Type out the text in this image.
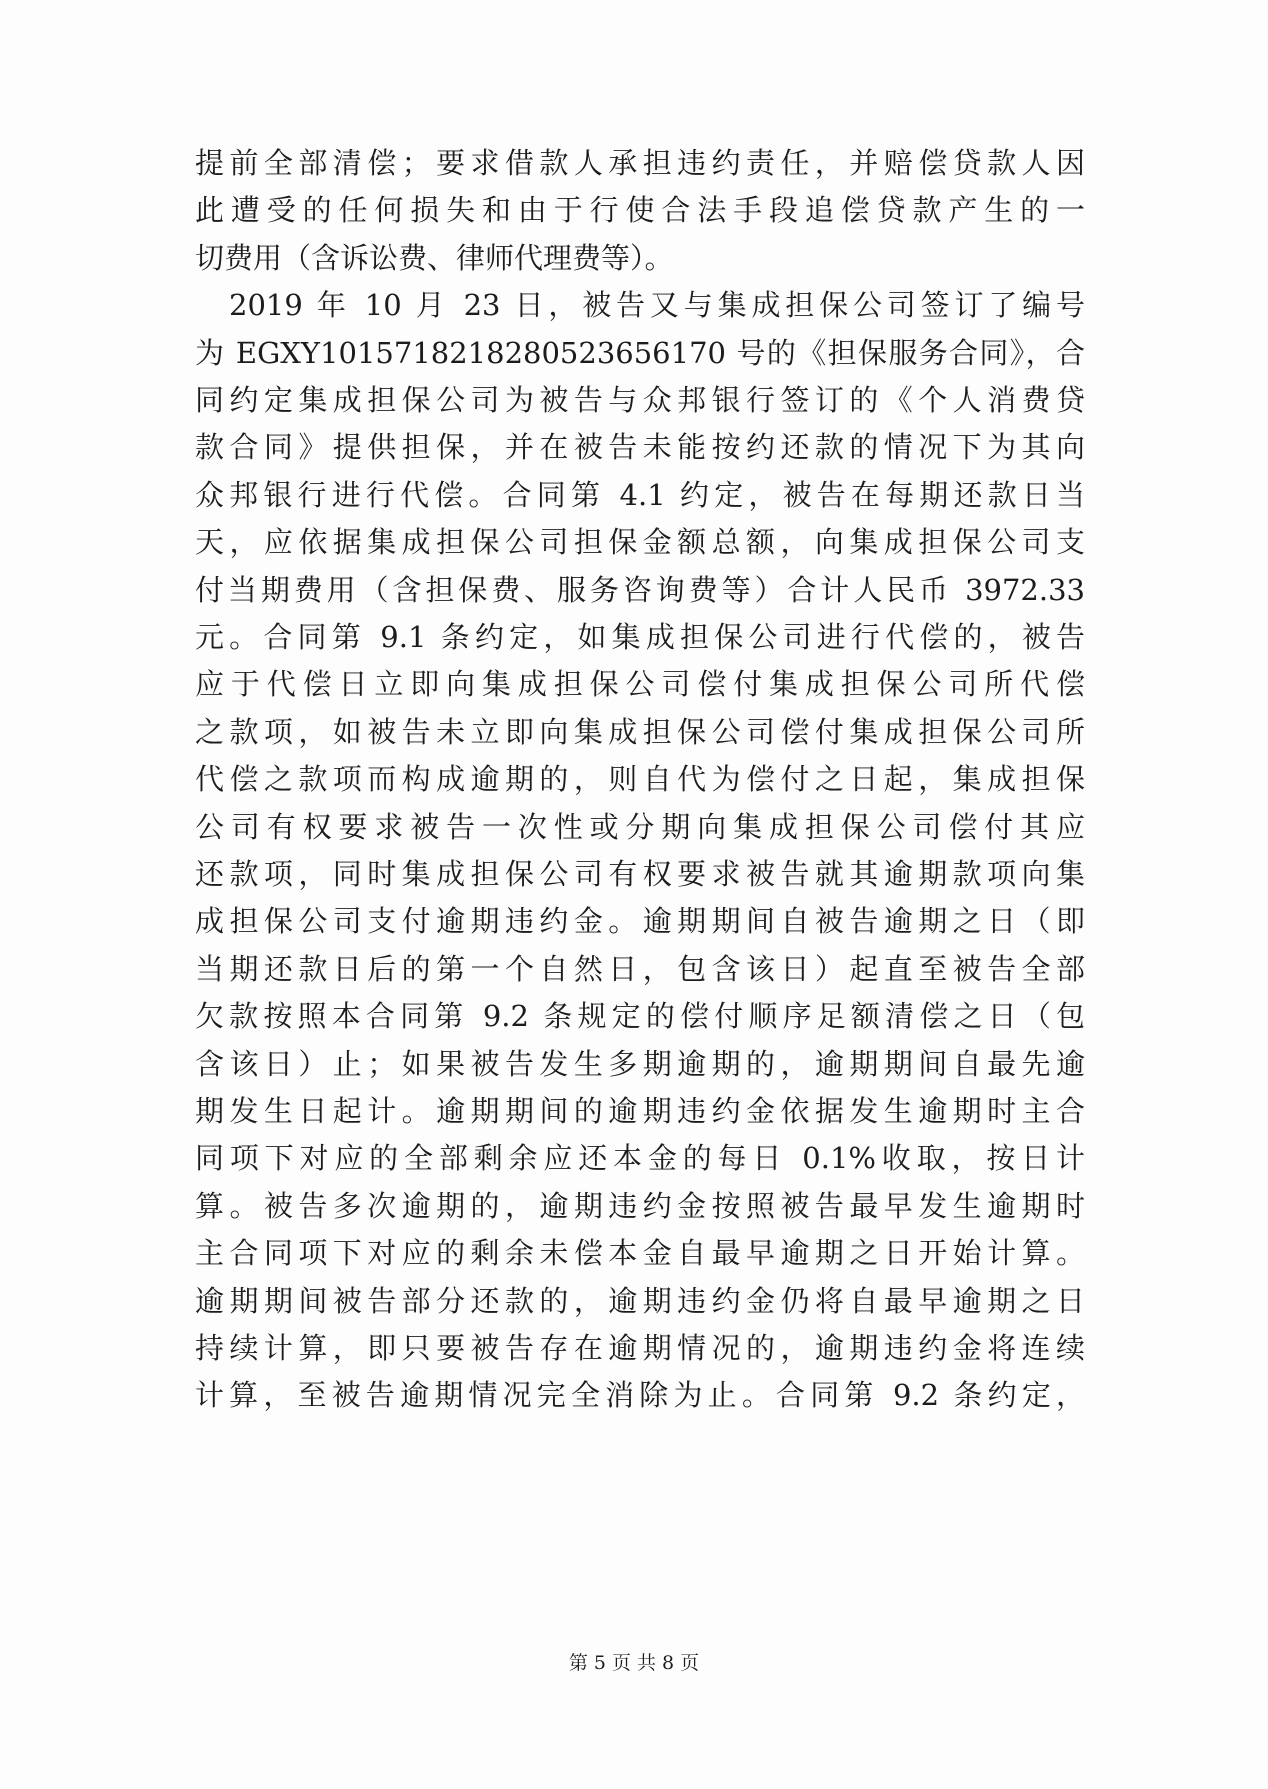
提前全部清偿；要求借款人承担违约责任，并赔偿贷款人因
此遭受的任何损失和由于行使合法手段追偿贷款产生的一
切费用（含诉讼费、律师代理费等）。
2019 年 10 月 23 日，被告又与集成担保公司签订了编号
为 EGXY1015718218280523656170 号的《担保服务合同》，合
同约定集成担保公司为被告与众邦银行签订的《个人消费贷
款合同》提供担保，并在被告未能按约还款的情况下为其向
众邦银行进行代偿。合同第 4.1 约定，被告在每期还款日当
天，应依据集成担保公司担保金额总额，向集成担保公司支
付当期费用（含担保费、服务咨询费等）合计人民币 3972.33
元。合同第 9.1 条约定，如集成担保公司进行代偿的，被告
应于代偿日立即向集成担保公司偿付集成担保公司所代偿
之款项，如被告未立即向集成担保公司偿付集成担保公司所
代偿之款项而构成逾期的，则自代为偿付之日起，集成担保
公司有权要求被告一次性或分期向集成担保公司偿付其应
还款项，同时集成担保公司有权要求被告就其逾期款项向集
成担保公司支付逾期违约金。逾期期间自被告逾期之日（即
当期还款日后的第一个自然日，包含该日）起直至被告全部
欠款按照本合同第 9.2 条规定的偿付顺序足额清偿之日（包
含该日）止；如果被告发生多期逾期的，逾期期间自最先逾
期发生日起计。逾期期间的逾期违约金依据发生逾期时主合
同项下对应的全部剩余应还本金的每日 0.1%收取，按日计
算。被告多次逾期的，逾期违约金按照被告最早发生逾期时
主合同项下对应的剩余未偿本金自最早逾期之日开始计算。
逾期期间被告部分还款的，逾期违约金仍将自最早逾期之日
持续计算，即只要被告存在逾期情况的，逾期违约金将连续
计算，至被告逾期情况完全消除为止。合同第 9.2 条约定，
第 5 页 共 8 页
